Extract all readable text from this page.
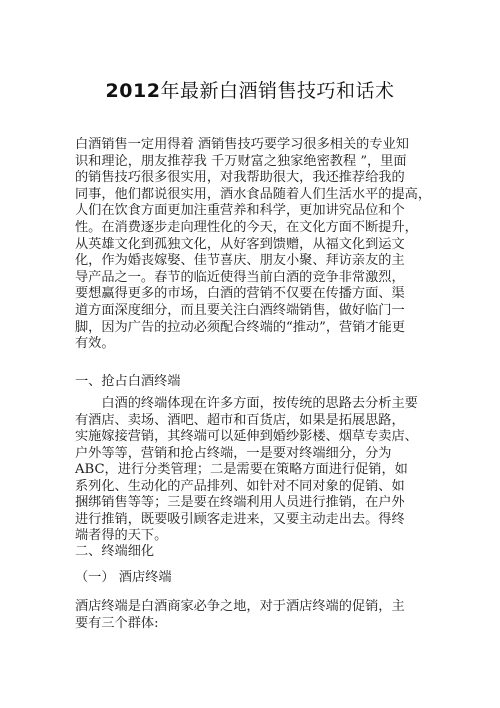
2012年最新白酒销售技巧和话术
白酒销售一定用得着 酒销售技巧要学习很多相关的专业知
识和理论，朋友推荐我 千万财富之独家绝密教程 ”，里面
的销售技巧很多很实用，对我帮助很大，我还推荐给我的
同事，他们都说很实用，酒水食品随着人们生活水平的提高，
人们在饮食方面更加注重营养和科学，更加讲究品位和个
性。在消费逐步走向理性化的今天，在文化方面不断提升，
从英雄文化到孤独文化，从好客到馈赠，从福文化到运文
化，作为婚丧嫁娶、佳节喜庆、朋友小聚、拜访亲友的主
导产品之一。春节的临近使得当前白酒的竞争非常激烈，
要想赢得更多的市场，白酒的营销不仅要在传播方面、渠
道方面深度细分，而且要关注白酒终端销售，做好临门一
脚，因为广告的拉动必须配合终端的“推动”，营销才能更
有效。
一、抢占白酒终端
　　白酒的终端体现在许多方面，按传统的思路去分析主要
有酒店、卖场、酒吧、超市和百货店，如果是拓展思路，
实施嫁接营销，其终端可以延伸到婚纱影楼、烟草专卖店、
户外等等，营销和抢占终端，一是要对终端细分，分为
ABC，进行分类管理；二是需要在策略方面进行促销，如
系列化、生动化的产品排列、如针对不同对象的促销、如
捆绑销售等等；三是要在终端利用人员进行推销，在户外
进行推销，既要吸引顾客走进来，又要主动走出去。得终
端者得的天下。
二、终端细化
（一） 酒店终端
酒店终端是白酒商家必争之地，对于酒店终端的促销，主
要有三个群体:
